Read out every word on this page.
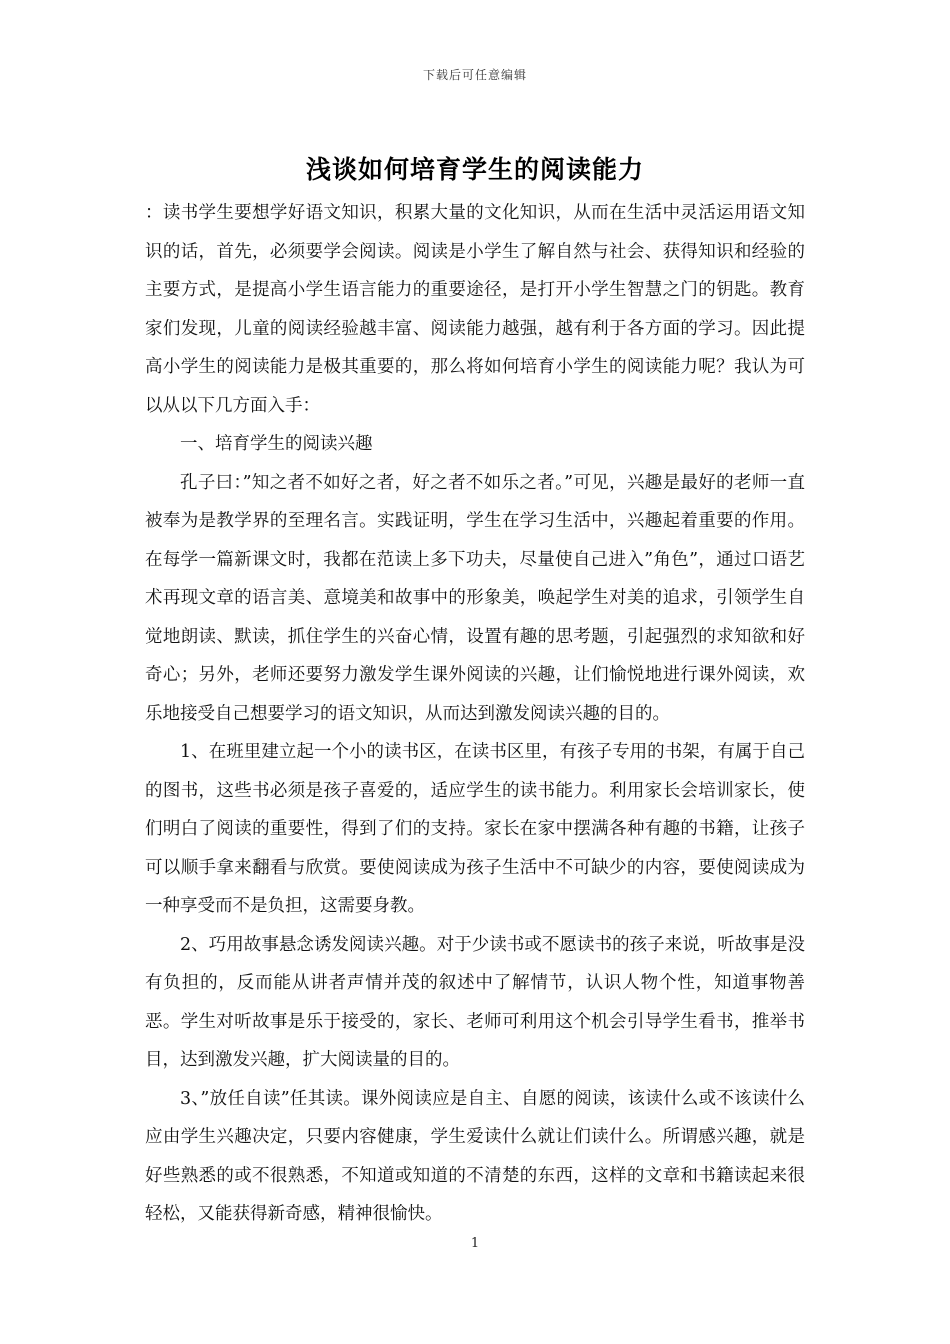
下载后可任意编辑
浅谈如何培育学生的阅读能力

：读书学生要想学好语文知识，积累大量的文化知识，从而在生活中灵活运用语文知识的话，首先，必须要学会阅读。阅读是小学生了解自然与社会、获得知识和经验的主要方式，是提高小学生语言能力的重要途径，是打开小学生智慧之门的钥匙。教育家们发现，儿童的阅读经验越丰富、阅读能力越强，越有利于各方面的学习。因此提高小学生的阅读能力是极其重要的，那么将如何培育小学生的阅读能力呢？我认为可以从以下几方面入手：

一、培育学生的阅读兴趣

孔子曰：”知之者不如好之者，好之者不如乐之者。”可见，兴趣是最好的老师一直被奉为是教学界的至理名言。实践证明，学生在学习生活中，兴趣起着重要的作用。在每学一篇新课文时，我都在范读上多下功夫，尽量使自己进入”角色”，通过口语艺术再现文章的语言美、意境美和故事中的形象美，唤起学生对美的追求，引领学生自觉地朗读、默读，抓住学生的兴奋心情，设置有趣的思考题，引起强烈的求知欲和好奇心；另外，老师还要努力激发学生课外阅读的兴趣，让们愉悦地进行课外阅读，欢乐地接受自己想要学习的语文知识，从而达到激发阅读兴趣的目的。

1、在班里建立起一个小的读书区，在读书区里，有孩子专用的书架，有属于自己的图书，这些书必须是孩子喜爱的，适应学生的读书能力。利用家长会培训家长，使们明白了阅读的重要性，得到了们的支持。家长在家中摆满各种有趣的书籍，让孩子可以顺手拿来翻看与欣赏。要使阅读成为孩子生活中不可缺少的内容，要使阅读成为一种享受而不是负担，这需要身教。

2、巧用故事悬念诱发阅读兴趣。对于少读书或不愿读书的孩子来说，听故事是没有负担的，反而能从讲者声情并茂的叙述中了解情节，认识人物个性，知道事物善恶。学生对听故事是乐于接受的，家长、老师可利用这个机会引导学生看书，推举书目，达到激发兴趣，扩大阅读量的目的。

3、”放任自读”任其读。课外阅读应是自主、自愿的阅读，该读什么或不该读什么应由学生兴趣决定，只要内容健康，学生爱读什么就让们读什么。所谓感兴趣，就是好些熟悉的或不很熟悉，不知道或知道的不清楚的东西，这样的文章和书籍读起来很轻松，又能获得新奇感，精神很愉快。

1
